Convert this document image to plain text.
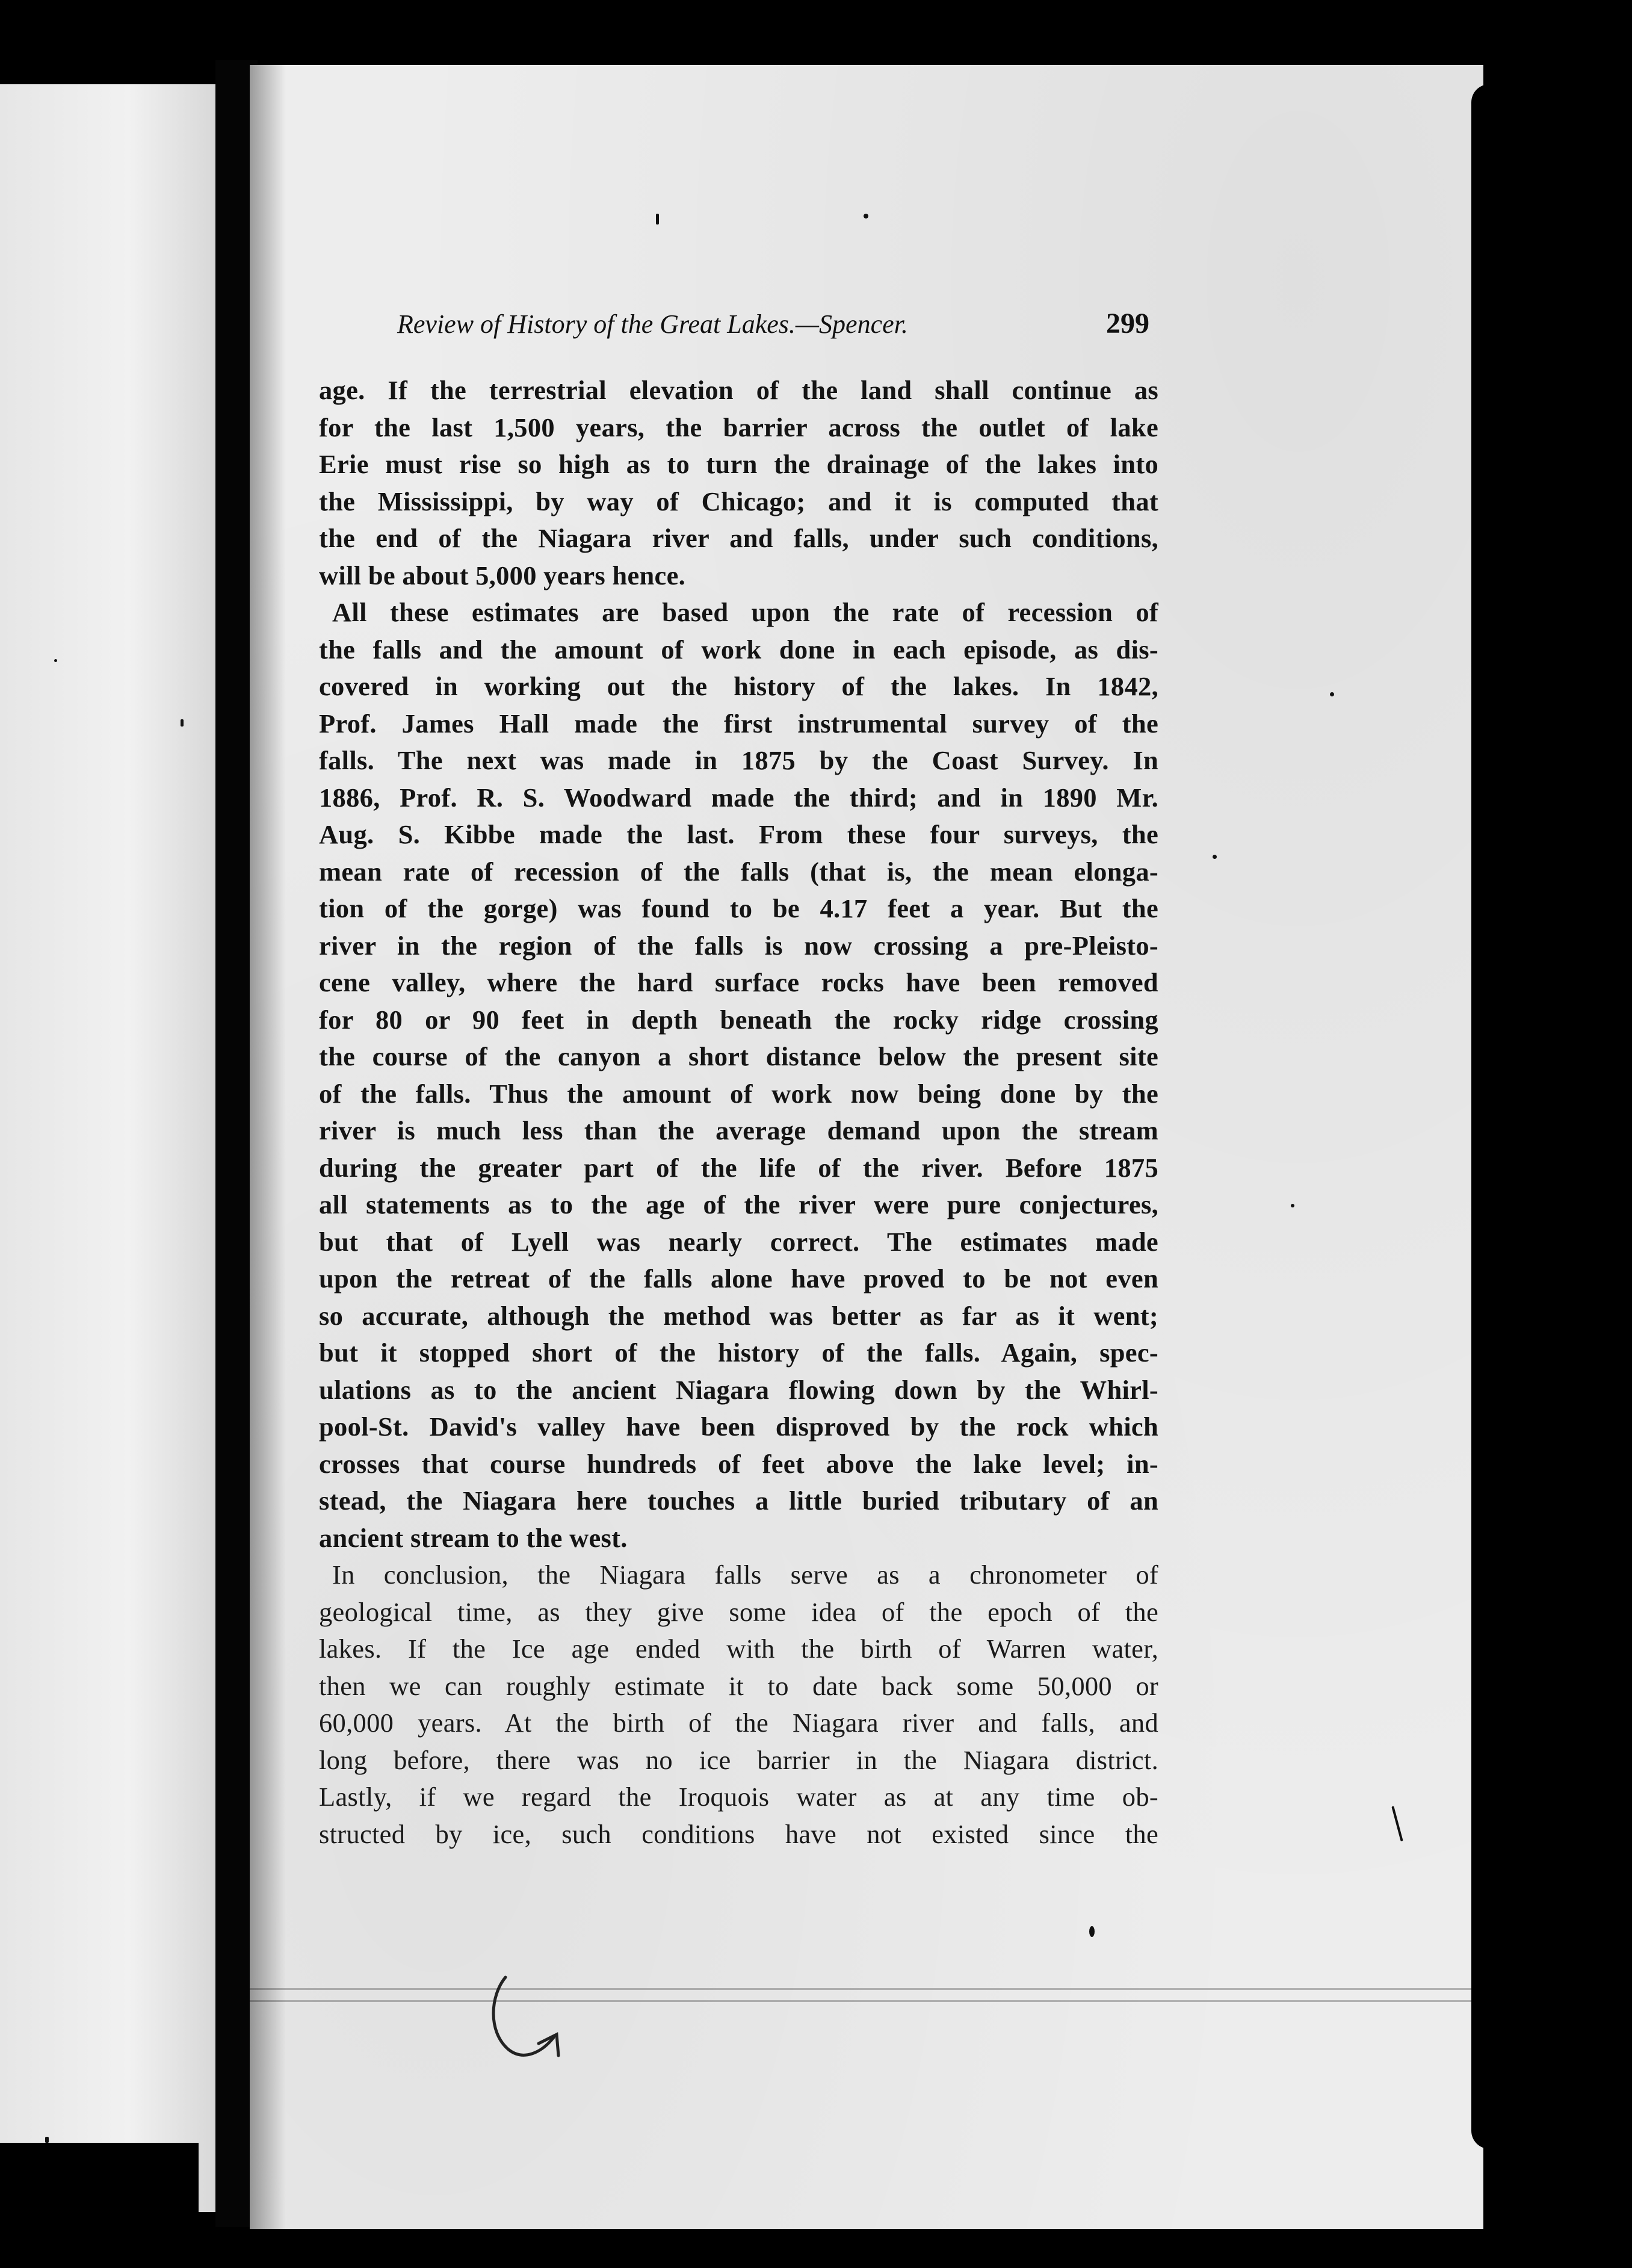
Review of History of the Great Lakes.—Spencer.	299
age. If the terrestrial elevation of the land shall continue as
for the last 1,500 years, the barrier across the outlet of lake
Erie must rise so high as to turn the drainage of the lakes into
the Mississippi, by way of Chicago; and it is computed that
the end of the Niagara river and falls, under such conditions,
will be about 5,000 years hence.
All these estimates are based upon the rate of recession of
the falls and the amount of work done in each episode, as dis-
covered in working out the history of the lakes. In 1842,
Prof. James Hall made the first instrumental survey of the
falls. The next was made in 1875 by the Coast Survey. In
1886, Prof. R. S. Woodward made the third; and in 1890 Mr.
Aug. S. Kibbe made the last. From these four surveys, the
mean rate of recession of the falls (that is, the mean elonga-
tion of the gorge) was found to be 4.17 feet a year. But the
river in the region of the falls is now crossing a pre-Pleisto-
cene valley, where the hard surface rocks have been removed
for 80 or 90 feet in depth beneath the rocky ridge crossing
the course of the canyon a short distance below the present site
of the falls. Thus the amount of work now being done by the
river is much less than the average demand upon the stream
during the greater part of the life of the river. Before 1875
all statements as to the age of the river were pure conjectures,
but that of Lyell was nearly correct. The estimates made
upon the retreat of the falls alone have proved to be not even
so accurate, although the method was better as far as it went;
but it stopped short of the history of the falls. Again, spec-
ulations as to the ancient Niagara flowing down by the Whirl-
pool-St. David's valley have been disproved by the rock which
crosses that course hundreds of feet above the lake level; in-
stead, the Niagara here touches a little buried tributary of an
ancient stream to the west.
In conclusion, the Niagara falls serve as a chronometer of
geological time, as they give some idea of the epoch of the
lakes. If the Ice age ended with the birth of Warren water,
then we can roughly estimate it to date back some 50,000 or
60,000 years. At the birth of the Niagara river and falls, and
long before, there was no ice barrier in the Niagara district.
Lastly, if we regard the Iroquois water as at any time ob-
structed by ice, such conditions have not existed since the
